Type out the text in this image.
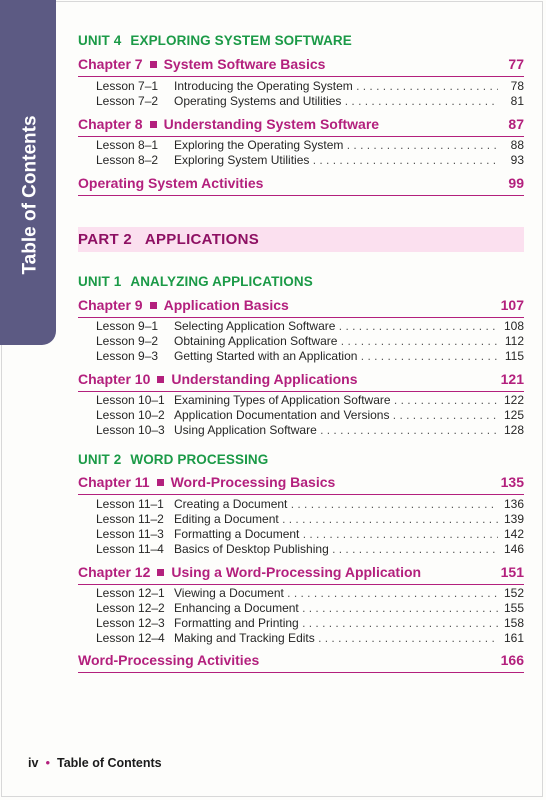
Table of Contents
UNIT 4 EXPLORING SYSTEM SOFTWARE
Chapter 7 System Software Basics	77
Lesson 7–1	Introducing the Operating System . . .	78
Lesson 7–2	Operating Systems and Utilities . . .	81
Chapter 8 Understanding System Software	87
Lesson 8–1	Exploring the Operating System . . .	88
Lesson 8–2	Exploring System Utilities . . .	93
Operating System Activities	99
PART 2   APPLICATIONS
UNIT 1 ANALYZING APPLICATIONS
Chapter 9 Application Basics	107
Lesson 9–1	Selecting Application Software . . .	108
Lesson 9–2	Obtaining Application Software . . .	112
Lesson 9–3	Getting Started with an Application . . .	115
Chapter 10 Understanding Applications	121
Lesson 10–1 Examining Types of Application Software . . .	122
Lesson 10–2 Application Documentation and Versions . . .	125
Lesson 10–3 Using Application Software . . .	128
UNIT 2 WORD PROCESSING
Chapter 11 Word-Processing Basics	135
Lesson 11–1 Creating a Document . . .	136
Lesson 11–2 Editing a Document . . .	139
Lesson 11–3 Formatting a Document . . .	142
Lesson 11–4 Basics of Desktop Publishing . . .	146
Chapter 12 Using a Word-Processing Application	151
Lesson 12–1 Viewing a Document . . .	152
Lesson 12–2 Enhancing a Document . . .	155
Lesson 12–3 Formatting and Printing . . .	158
Lesson 12–4 Making and Tracking Edits . . .	161
Word-Processing Activities	166
iv • Table of Contents
